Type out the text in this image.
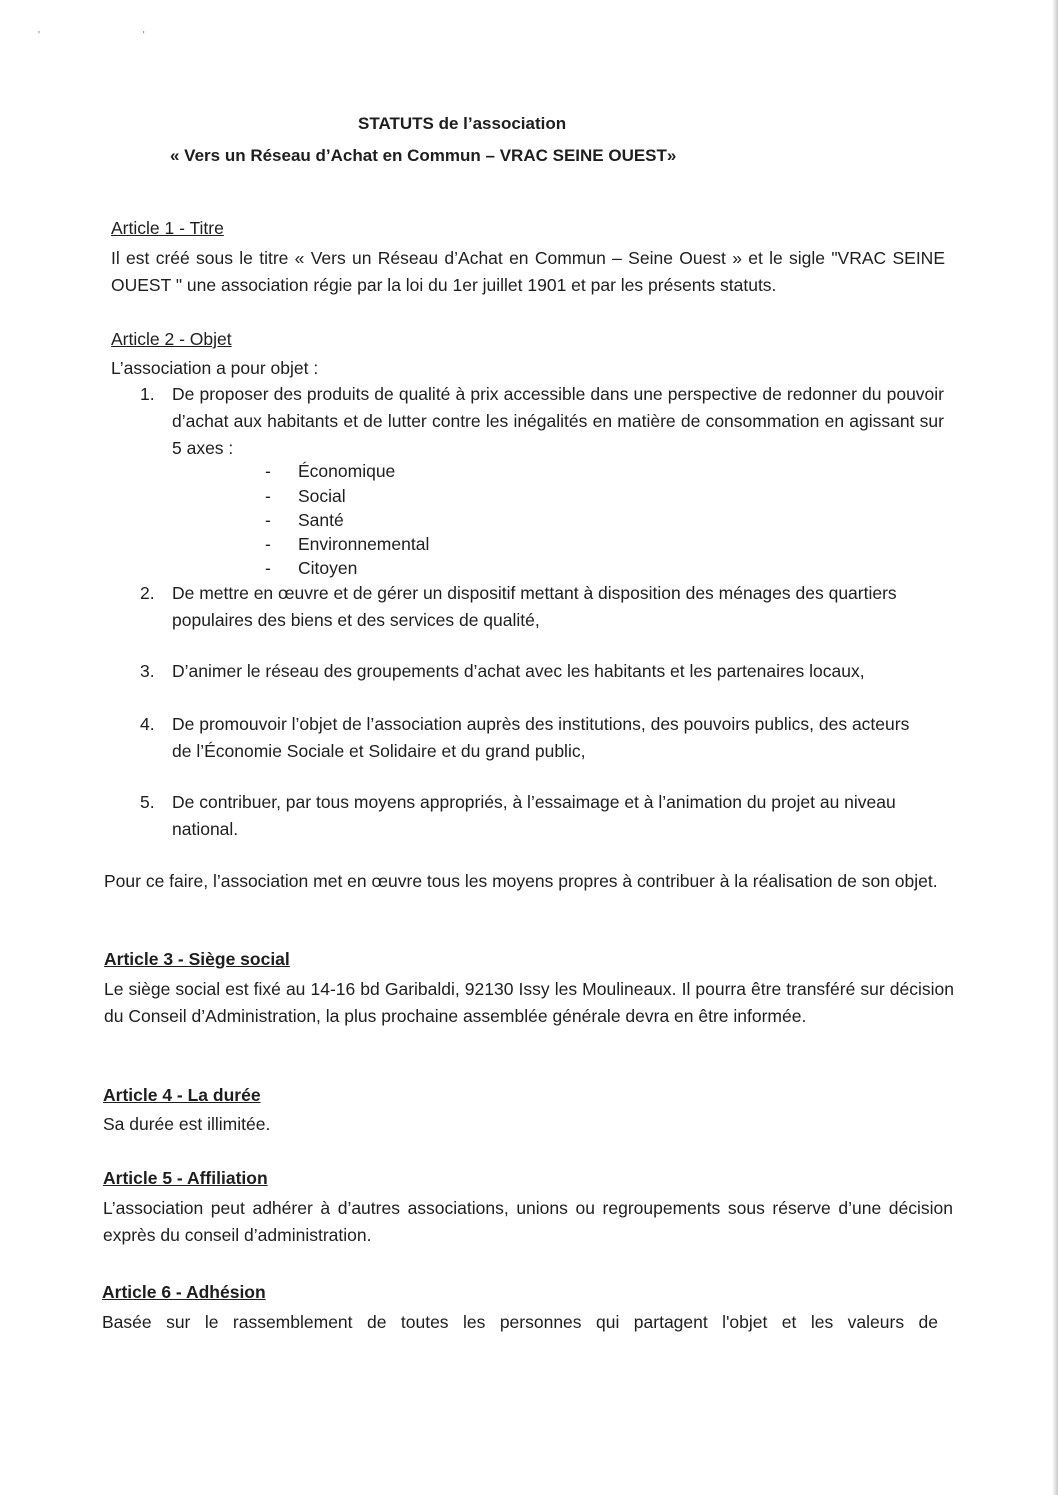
' '
STATUTS de l’association
« Vers un Réseau d’Achat en Commun – VRAC SEINE OUEST»
Article 1 - Titre
Il est créé sous le titre « Vers un Réseau d’Achat en Commun – Seine Ouest » et le sigle "VRAC SEINE OUEST " une association régie par la loi du 1er juillet 1901 et par les présents statuts.
Article 2 - Objet
L’association a pour objet :
1. De proposer des produits de qualité à prix accessible dans une perspective de redonner du pouvoir d’achat aux habitants et de lutter contre les inégalités en matière de consommation en agissant sur 5 axes :
- Économique
- Social
- Santé
- Environnemental
- Citoyen
2. De mettre en œuvre et de gérer un dispositif mettant à disposition des ménages des quartiers populaires des biens et des services de qualité,
3. D’animer le réseau des groupements d’achat avec les habitants et les partenaires locaux,
4. De promouvoir l’objet de l’association auprès des institutions, des pouvoirs publics, des acteurs de l’Économie Sociale et Solidaire et du grand public,
5. De contribuer, par tous moyens appropriés, à l’essaimage et à l’animation du projet au niveau national.
Pour ce faire, l’association met en œuvre tous les moyens propres à contribuer à la réalisation de son objet.
Article 3 - Siège social
Le siège social est fixé au 14-16 bd Garibaldi, 92130 Issy les Moulineaux. Il pourra être transféré sur décision du Conseil d’Administration, la plus prochaine assemblée générale devra en être informée.
Article 4 - La durée
Sa durée est illimitée.
Article 5 - Affiliation
L’association peut adhérer à d’autres associations, unions ou regroupements sous réserve d’une décision exprès du conseil d’administration.
Article 6 - Adhésion
Basée sur le rassemblement de toutes les personnes qui partagent l'objet et les valeurs de
